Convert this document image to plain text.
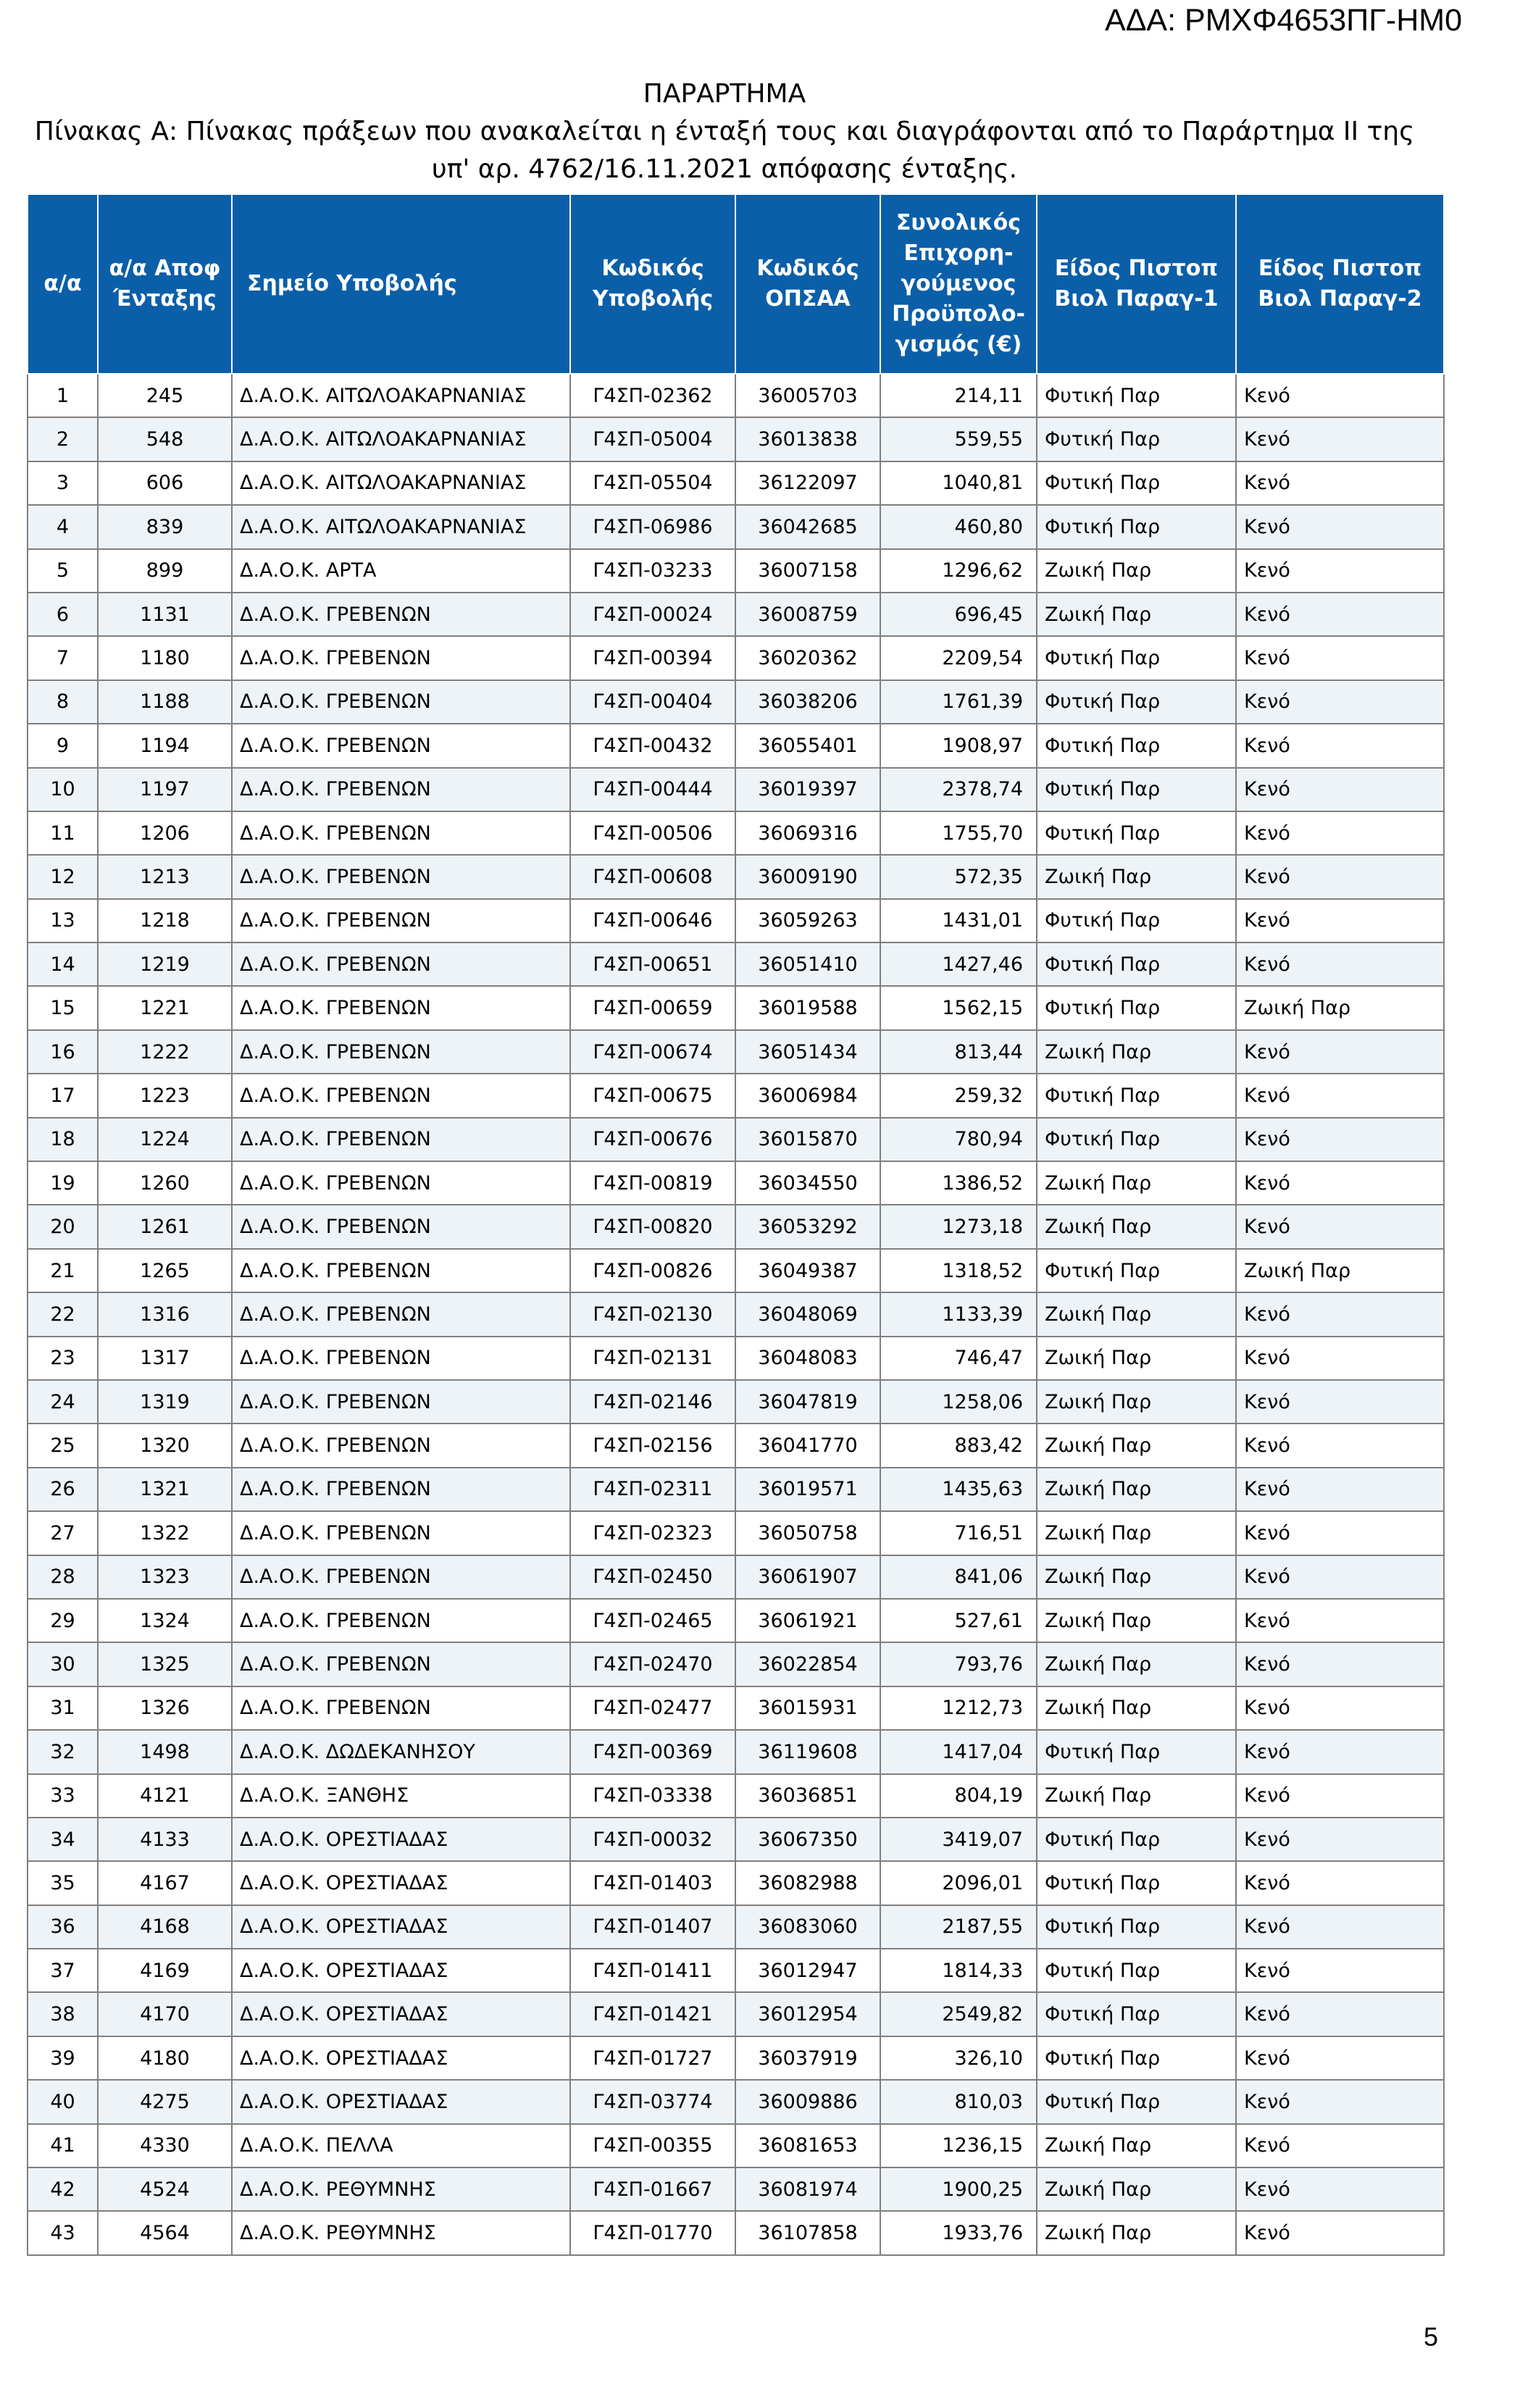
ΑΔΑ: ΡΜΧΦ4653ΠΓ-ΗΜ0
ΠΑΡΑΡΤΗΜΑ
Πίνακας Α: Πίνακας πράξεων που ανακαλείται η ένταξή τους και διαγράφονται από το Παράρτημα ΙΙ της
υπ' αρ. 4762/16.11.2021 απόφασης ένταξης.
α/α	α/α Αποφ Ένταξης	Σημείο Υποβολής	Κωδικός Υποβολής	Κωδικός ΟΠΣΑΑ	Συνολικός Επιχορη-γούμενος Προϋπολο-γισμός (€)	Είδος Πιστοπ Βιολ Παραγ-1	Είδος Πιστοπ Βιολ Παραγ-2
1	245	Δ.Α.Ο.Κ. ΑΙΤΩΛΟΑΚΑΡΝΑΝΙΑΣ	Γ4ΣΠ-02362	36005703	214,11	Φυτική Παρ	Κενό
2	548	Δ.Α.Ο.Κ. ΑΙΤΩΛΟΑΚΑΡΝΑΝΙΑΣ	Γ4ΣΠ-05004	36013838	559,55	Φυτική Παρ	Κενό
3	606	Δ.Α.Ο.Κ. ΑΙΤΩΛΟΑΚΑΡΝΑΝΙΑΣ	Γ4ΣΠ-05504	36122097	1040,81	Φυτική Παρ	Κενό
4	839	Δ.Α.Ο.Κ. ΑΙΤΩΛΟΑΚΑΡΝΑΝΙΑΣ	Γ4ΣΠ-06986	36042685	460,80	Φυτική Παρ	Κενό
5	899	Δ.Α.Ο.Κ. ΑΡΤΑ	Γ4ΣΠ-03233	36007158	1296,62	Ζωική Παρ	Κενό
6	1131	Δ.Α.Ο.Κ. ΓΡΕΒΕΝΩΝ	Γ4ΣΠ-00024	36008759	696,45	Ζωική Παρ	Κενό
7	1180	Δ.Α.Ο.Κ. ΓΡΕΒΕΝΩΝ	Γ4ΣΠ-00394	36020362	2209,54	Φυτική Παρ	Κενό
8	1188	Δ.Α.Ο.Κ. ΓΡΕΒΕΝΩΝ	Γ4ΣΠ-00404	36038206	1761,39	Φυτική Παρ	Κενό
9	1194	Δ.Α.Ο.Κ. ΓΡΕΒΕΝΩΝ	Γ4ΣΠ-00432	36055401	1908,97	Φυτική Παρ	Κενό
10	1197	Δ.Α.Ο.Κ. ΓΡΕΒΕΝΩΝ	Γ4ΣΠ-00444	36019397	2378,74	Φυτική Παρ	Κενό
11	1206	Δ.Α.Ο.Κ. ΓΡΕΒΕΝΩΝ	Γ4ΣΠ-00506	36069316	1755,70	Φυτική Παρ	Κενό
12	1213	Δ.Α.Ο.Κ. ΓΡΕΒΕΝΩΝ	Γ4ΣΠ-00608	36009190	572,35	Ζωική Παρ	Κενό
13	1218	Δ.Α.Ο.Κ. ΓΡΕΒΕΝΩΝ	Γ4ΣΠ-00646	36059263	1431,01	Φυτική Παρ	Κενό
14	1219	Δ.Α.Ο.Κ. ΓΡΕΒΕΝΩΝ	Γ4ΣΠ-00651	36051410	1427,46	Φυτική Παρ	Κενό
15	1221	Δ.Α.Ο.Κ. ΓΡΕΒΕΝΩΝ	Γ4ΣΠ-00659	36019588	1562,15	Φυτική Παρ	Ζωική Παρ
16	1222	Δ.Α.Ο.Κ. ΓΡΕΒΕΝΩΝ	Γ4ΣΠ-00674	36051434	813,44	Ζωική Παρ	Κενό
17	1223	Δ.Α.Ο.Κ. ΓΡΕΒΕΝΩΝ	Γ4ΣΠ-00675	36006984	259,32	Φυτική Παρ	Κενό
18	1224	Δ.Α.Ο.Κ. ΓΡΕΒΕΝΩΝ	Γ4ΣΠ-00676	36015870	780,94	Φυτική Παρ	Κενό
19	1260	Δ.Α.Ο.Κ. ΓΡΕΒΕΝΩΝ	Γ4ΣΠ-00819	36034550	1386,52	Ζωική Παρ	Κενό
20	1261	Δ.Α.Ο.Κ. ΓΡΕΒΕΝΩΝ	Γ4ΣΠ-00820	36053292	1273,18	Ζωική Παρ	Κενό
21	1265	Δ.Α.Ο.Κ. ΓΡΕΒΕΝΩΝ	Γ4ΣΠ-00826	36049387	1318,52	Φυτική Παρ	Ζωική Παρ
22	1316	Δ.Α.Ο.Κ. ΓΡΕΒΕΝΩΝ	Γ4ΣΠ-02130	36048069	1133,39	Ζωική Παρ	Κενό
23	1317	Δ.Α.Ο.Κ. ΓΡΕΒΕΝΩΝ	Γ4ΣΠ-02131	36048083	746,47	Ζωική Παρ	Κενό
24	1319	Δ.Α.Ο.Κ. ΓΡΕΒΕΝΩΝ	Γ4ΣΠ-02146	36047819	1258,06	Ζωική Παρ	Κενό
25	1320	Δ.Α.Ο.Κ. ΓΡΕΒΕΝΩΝ	Γ4ΣΠ-02156	36041770	883,42	Ζωική Παρ	Κενό
26	1321	Δ.Α.Ο.Κ. ΓΡΕΒΕΝΩΝ	Γ4ΣΠ-02311	36019571	1435,63	Ζωική Παρ	Κενό
27	1322	Δ.Α.Ο.Κ. ΓΡΕΒΕΝΩΝ	Γ4ΣΠ-02323	36050758	716,51	Ζωική Παρ	Κενό
28	1323	Δ.Α.Ο.Κ. ΓΡΕΒΕΝΩΝ	Γ4ΣΠ-02450	36061907	841,06	Ζωική Παρ	Κενό
29	1324	Δ.Α.Ο.Κ. ΓΡΕΒΕΝΩΝ	Γ4ΣΠ-02465	36061921	527,61	Ζωική Παρ	Κενό
30	1325	Δ.Α.Ο.Κ. ΓΡΕΒΕΝΩΝ	Γ4ΣΠ-02470	36022854	793,76	Ζωική Παρ	Κενό
31	1326	Δ.Α.Ο.Κ. ΓΡΕΒΕΝΩΝ	Γ4ΣΠ-02477	36015931	1212,73	Ζωική Παρ	Κενό
32	1498	Δ.Α.Ο.Κ. ΔΩΔΕΚΑΝΗΣΟΥ	Γ4ΣΠ-00369	36119608	1417,04	Φυτική Παρ	Κενό
33	4121	Δ.Α.Ο.Κ. ΞΑΝΘΗΣ	Γ4ΣΠ-03338	36036851	804,19	Ζωική Παρ	Κενό
34	4133	Δ.Α.Ο.Κ. ΟΡΕΣΤΙΑΔΑΣ	Γ4ΣΠ-00032	36067350	3419,07	Φυτική Παρ	Κενό
35	4167	Δ.Α.Ο.Κ. ΟΡΕΣΤΙΑΔΑΣ	Γ4ΣΠ-01403	36082988	2096,01	Φυτική Παρ	Κενό
36	4168	Δ.Α.Ο.Κ. ΟΡΕΣΤΙΑΔΑΣ	Γ4ΣΠ-01407	36083060	2187,55	Φυτική Παρ	Κενό
37	4169	Δ.Α.Ο.Κ. ΟΡΕΣΤΙΑΔΑΣ	Γ4ΣΠ-01411	36012947	1814,33	Φυτική Παρ	Κενό
38	4170	Δ.Α.Ο.Κ. ΟΡΕΣΤΙΑΔΑΣ	Γ4ΣΠ-01421	36012954	2549,82	Φυτική Παρ	Κενό
39	4180	Δ.Α.Ο.Κ. ΟΡΕΣΤΙΑΔΑΣ	Γ4ΣΠ-01727	36037919	326,10	Φυτική Παρ	Κενό
40	4275	Δ.Α.Ο.Κ. ΟΡΕΣΤΙΑΔΑΣ	Γ4ΣΠ-03774	36009886	810,03	Φυτική Παρ	Κενό
41	4330	Δ.Α.Ο.Κ. ΠΕΛΛΑ	Γ4ΣΠ-00355	36081653	1236,15	Ζωική Παρ	Κενό
42	4524	Δ.Α.Ο.Κ. ΡΕΘΥΜΝΗΣ	Γ4ΣΠ-01667	36081974	1900,25	Ζωική Παρ	Κενό
43	4564	Δ.Α.Ο.Κ. ΡΕΘΥΜΝΗΣ	Γ4ΣΠ-01770	36107858	1933,76	Ζωική Παρ	Κενό
5
